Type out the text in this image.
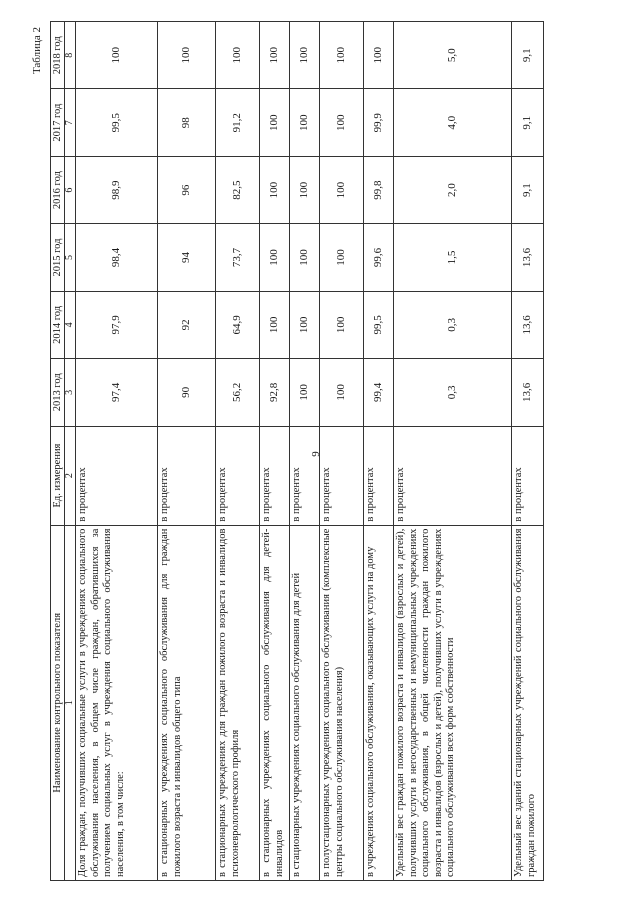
9
Таблица 2
Наименование контрольного показателя	Ед. измерения	2013 год	2014 год	2015 год	2016 год	2017 год	2018 год
1	2	3	4	5	6	7	8
Доля граждан, получивших социальные услуги в учреждениях социального обслуживания населения, в общем числе граждан, обратившихся за получением социальных услуг в учреждения социального обслуживания населения, в том числе:	в процентах	97,4	97,9	98,4	98,9	99,5	100
в стационарных учреждениях социального обслуживания для граждан пожилого возраста и инвалидов общего типа	в процентах	90	92	94	96	98	100
в стационарных учреждениях для граждан пожилого возраста и инвалидов психоневрологического профиля	в процентах	56,2	64,9	73,7	82,5	91,2	100
в стационарных учреждениях социального обслуживания для детей-инвалидов	в процентах	92,8	100	100	100	100	100
в стационарных учреждениях социального обслуживания для детей	в процентах	100	100	100	100	100	100
в полустационарных учреждениях социального обслуживания (комплексные центры социального обслуживания населения)	в процентах	100	100	100	100	100	100
в учреждениях социального обслуживания, оказывающих услуги на дому	в процентах	99,4	99,5	99,6	99,8	99,9	100
Удельный вес граждан пожилого возраста и инвалидов (взрослых и детей), получивших услуги в негосударственных и немуниципальных учреждениях социального обслуживания, в общей численности граждан пожилого возраста и инвалидов (взрослых и детей), получивших услуги в учреждениях социального обслуживания всех форм собственности	в процентах	0,3	0,3	1,5	2,0	4,0	5,0
Удельный вес зданий стационарных учреждений социального обслуживания граждан пожилого	в процентах	13,6	13,6	13,6	9,1	9,1	9,1
